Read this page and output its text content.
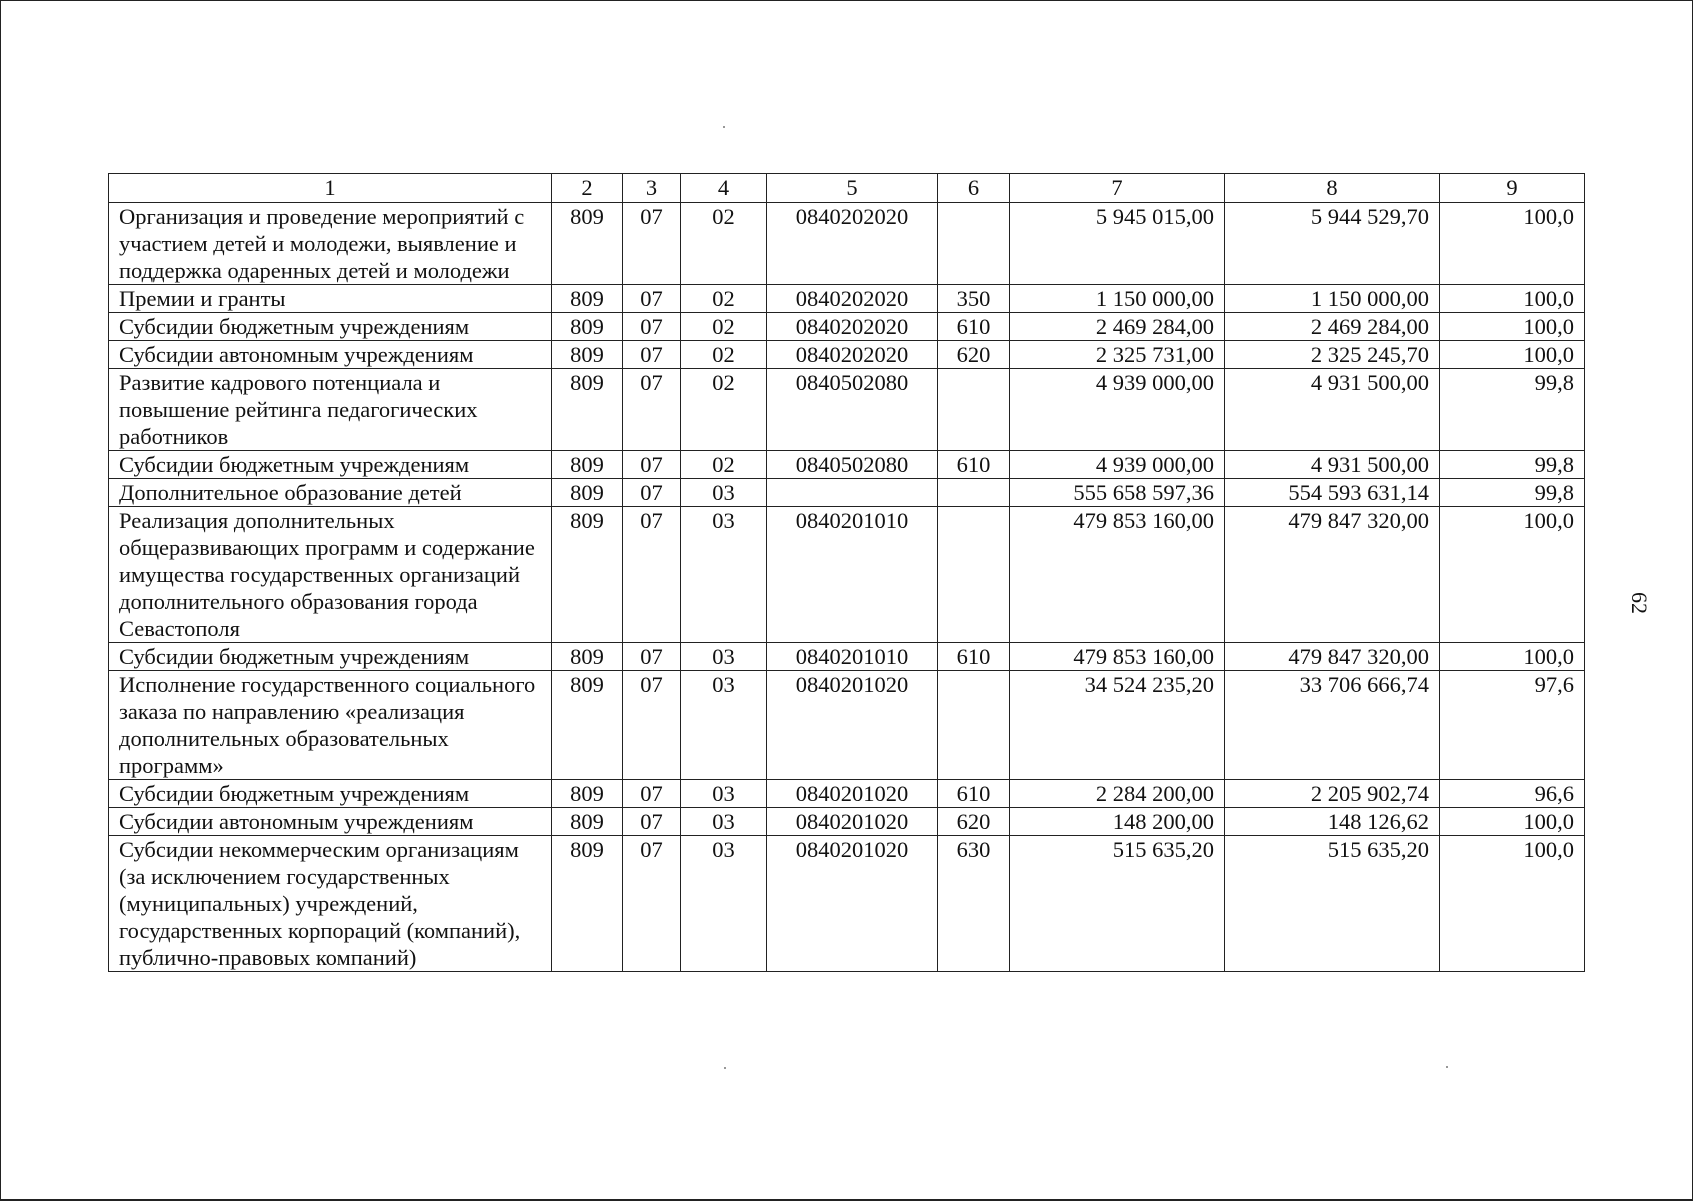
1	2	3	4	5	6	7	8	9
Организация и проведение мероприятий с участием детей и молодежи, выявление и поддержка одаренных детей и молодежи	809	07	02	0840202020		5 945 015,00	5 944 529,70	100,0
Премии и гранты	809	07	02	0840202020	350	1 150 000,00	1 150 000,00	100,0
Субсидии бюджетным учреждениям	809	07	02	0840202020	610	2 469 284,00	2 469 284,00	100,0
Субсидии автономным учреждениям	809	07	02	0840202020	620	2 325 731,00	2 325 245,70	100,0
Развитие кадрового потенциала и повышение рейтинга педагогических работников	809	07	02	0840502080		4 939 000,00	4 931 500,00	99,8
Субсидии бюджетным учреждениям	809	07	02	0840502080	610	4 939 000,00	4 931 500,00	99,8
Дополнительное образование детей	809	07	03			555 658 597,36	554 593 631,14	99,8
Реализация дополнительных общеразвивающих программ и содержание имущества государственных организаций дополнительного образования города Севастополя	809	07	03	0840201010		479 853 160,00	479 847 320,00	100,0
Субсидии бюджетным учреждениям	809	07	03	0840201010	610	479 853 160,00	479 847 320,00	100,0
Исполнение государственного социального заказа по направлению «реализация дополнительных образовательных программ»	809	07	03	0840201020		34 524 235,20	33 706 666,74	97,6
Субсидии бюджетным учреждениям	809	07	03	0840201020	610	2 284 200,00	2 205 902,74	96,6
Субсидии автономным учреждениям	809	07	03	0840201020	620	148 200,00	148 126,62	100,0
Субсидии некоммерческим организациям (за исключением государственных (муниципальных) учреждений, государственных корпораций (компаний), публично-правовых компаний)	809	07	03	0840201020	630	515 635,20	515 635,20	100,0
62
